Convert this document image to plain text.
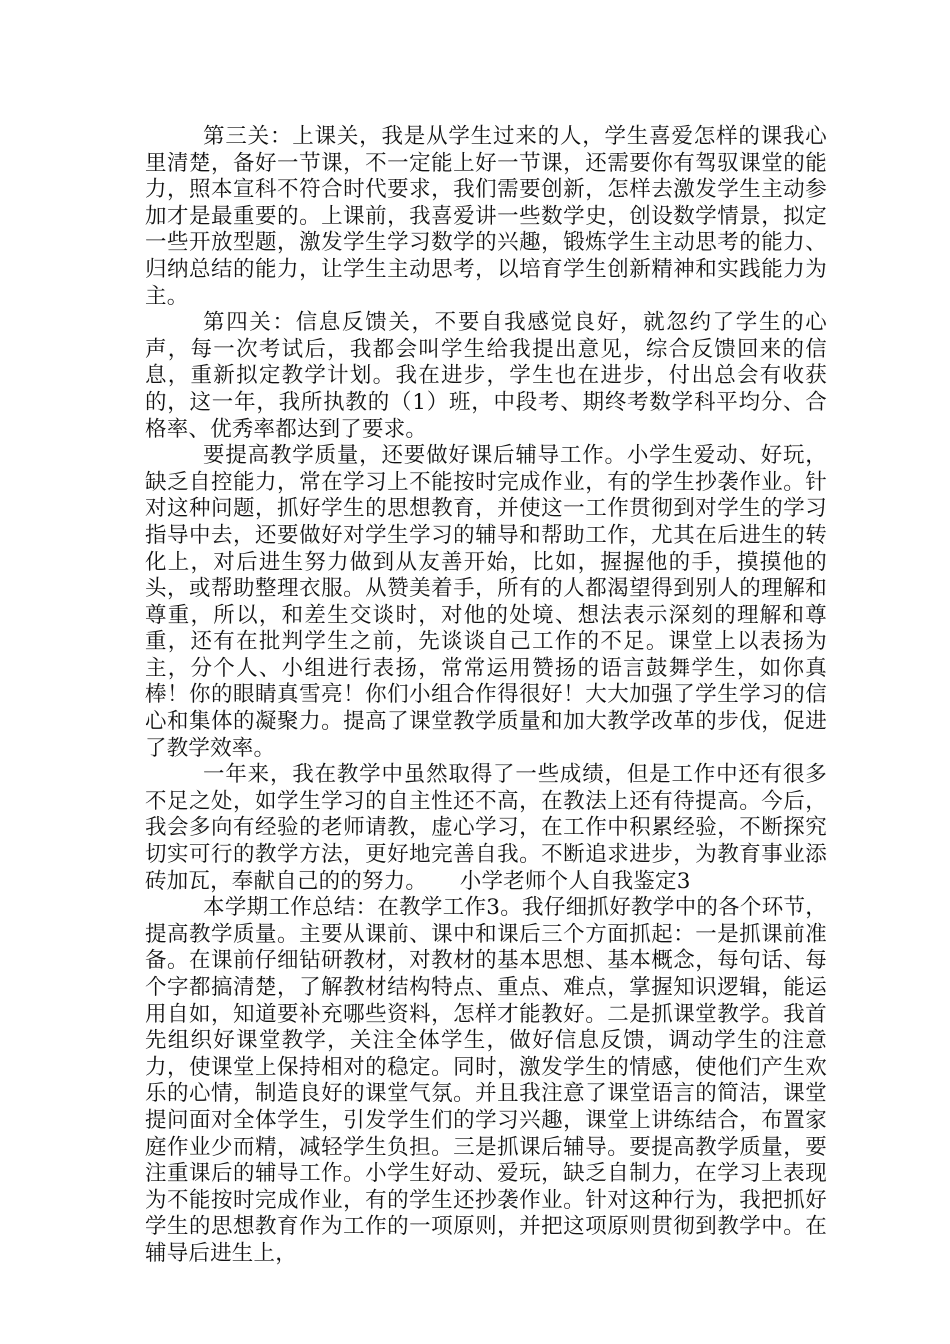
第三关：上课关，我是从学生过来的人，学生喜爱怎样的课我心里清楚，备好一节课，不一定能上好一节课，还需要你有驾驭课堂的能力，照本宣科不符合时代要求，我们需要创新，怎样去激发学生主动参加才是最重要的。上课前，我喜爱讲一些数学史，创设数学情景，拟定一些开放型题，激发学生学习数学的兴趣，锻炼学生主动思考的能力、归纳总结的能力，让学生主动思考，以培育学生创新精神和实践能力为主。

第四关：信息反馈关，不要自我感觉良好，就忽约了学生的心声，每一次考试后，我都会叫学生给我提出意见，综合反馈回来的信息，重新拟定教学计划。我在进步，学生也在进步，付出总会有收获的，这一年，我所执教的（1）班，中段考、期终考数学科平均分、合格率、优秀率都达到了要求。

要提高教学质量，还要做好课后辅导工作。小学生爱动、好玩，缺乏自控能力，常在学习上不能按时完成作业，有的学生抄袭作业。针对这种问题，抓好学生的思想教育，并使这一工作贯彻到对学生的学习指导中去，还要做好对学生学习的辅导和帮助工作，尤其在后进生的转化上，对后进生努力做到从友善开始，比如，握握他的手，摸摸他的头，或帮助整理衣服。从赞美着手，所有的人都渴望得到别人的理解和尊重，所以，和差生交谈时，对他的处境、想法表示深刻的理解和尊重，还有在批判学生之前，先谈谈自己工作的不足。课堂上以表扬为主，分个人、小组进行表扬，常常运用赞扬的语言鼓舞学生，如你真棒！你的眼睛真雪亮！你们小组合作得很好！大大加强了学生学习的信心和集体的凝聚力。提高了课堂教学质量和加大教学改革的步伐，促进了教学效率。

一年来，我在教学中虽然取得了一些成绩，但是工作中还有很多不足之处，如学生学习的自主性还不高，在教法上还有待提高。今后，我会多向有经验的老师请教，虚心学习，在工作中积累经验，不断探究切实可行的教学方法，更好地完善自我。不断追求进步，为教育事业添砖加瓦，奉献自己的的努力。　　小学老师个人自我鉴定3

本学期工作总结：在教学工作3。我仔细抓好教学中的各个环节，提高教学质量。主要从课前、课中和课后三个方面抓起：一是抓课前准备。在课前仔细钻研教材，对教材的基本思想、基本概念，每句话、每个字都搞清楚，了解教材结构特点、重点、难点，掌握知识逻辑，能运用自如，知道要补充哪些资料，怎样才能教好。二是抓课堂教学。我首先组织好课堂教学，关注全体学生，做好信息反馈，调动学生的注意力，使课堂上保持相对的稳定。同时，激发学生的情感，使他们产生欢乐的心情，制造良好的课堂气氛。并且我注意了课堂语言的简洁，课堂提问面对全体学生，引发学生们的学习兴趣，课堂上讲练结合，布置家庭作业少而精，减轻学生负担。三是抓课后辅导。要提高教学质量，要注重课后的辅导工作。小学生好动、爱玩，缺乏自制力，在学习上表现为不能按时完成作业，有的学生还抄袭作业。针对这种行为，我把抓好学生的思想教育作为工作的一项原则，并把这项原则贯彻到教学中。在辅导后进生上，
